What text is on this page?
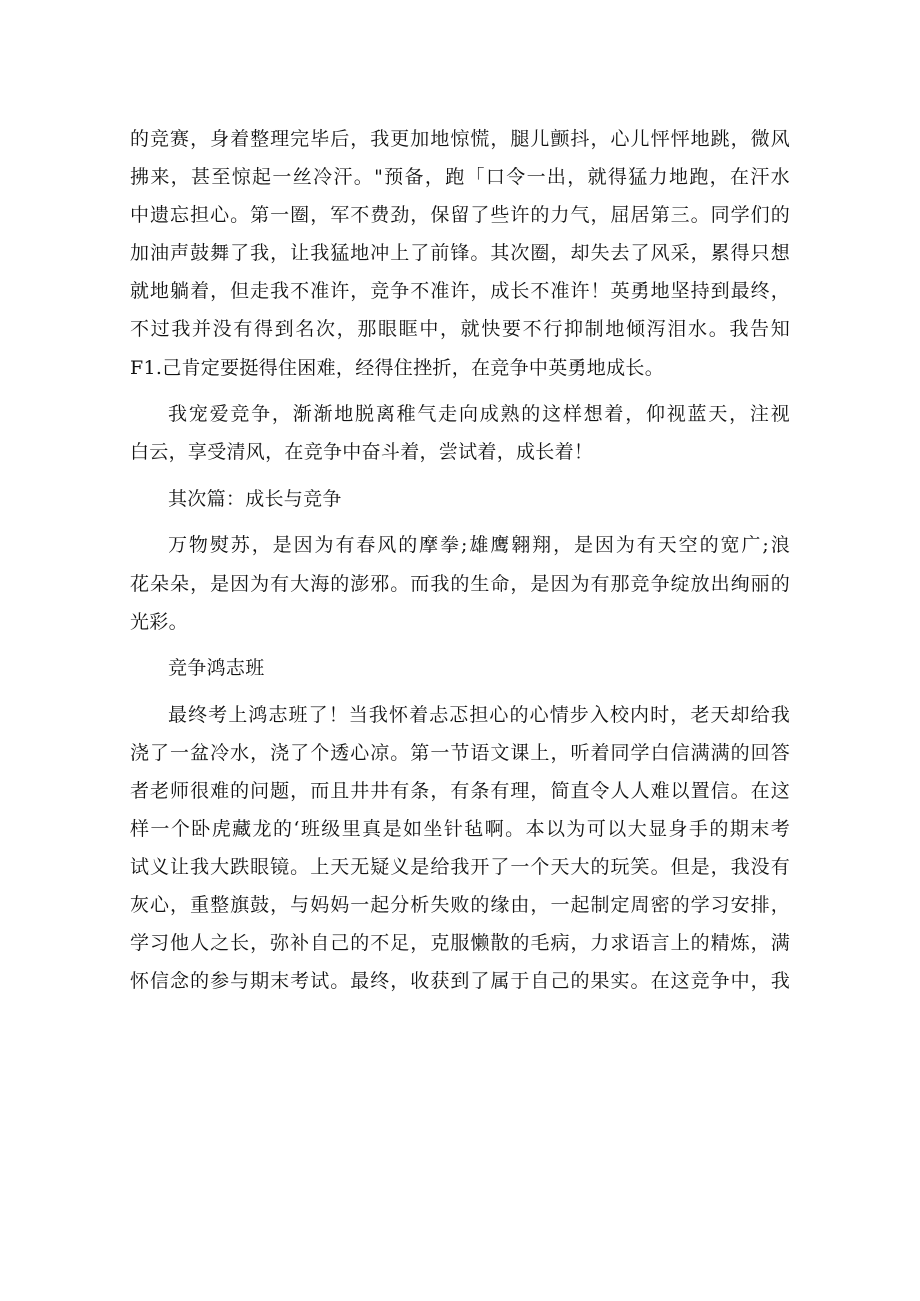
的竞赛，身着整理完毕后，我更加地惊慌，腿儿颤抖，心儿怦怦地跳，微风
拂来，甚至惊起一丝冷汗。"预备，跑「口令一出，就得猛力地跑，在汗水
中遗忘担心。第一圈，军不费劲，保留了些许的力气，屈居第三。同学们的
加油声鼓舞了我，让我猛地冲上了前锋。其次圈，却失去了风采，累得只想
就地躺着，但走我不准许，竞争不准许，成长不准许！英勇地坚持到最终，
不过我并没有得到名次，那眼眶中，就快要不行抑制地倾泻泪水。我告知
F1.己肯定要挺得住困难，经得住挫折，在竞争中英勇地成长。
我宠爱竞争，渐渐地脱离稚气走向成熟的这样想着，仰视蓝天，注视
白云，享受清风，在竞争中奋斗着，尝试着，成长着！
其次篇：成长与竞争
万物熨苏，是因为有春风的摩拳;雄鹰翱翔，是因为有天空的宽广;浪
花朵朵，是因为有大海的澎邪。而我的生命，是因为有那竞争绽放出绚丽的
光彩。
竞争鸿志班
最终考上鸿志班了！当我怀着忐忑担心的心情步入校内时，老天却给我
浇了一盆冷水，浇了个透心凉。第一节语文课上，听着同学白信满满的回答
者老师很难的问题，而且井井有条，有条有理，简直令人人难以置信。在这
样一个卧虎藏龙的‘班级里真是如坐针毡啊。本以为可以大显身手的期末考
试义让我大跌眼镜。上天无疑义是给我开了一个天大的玩笑。但是，我没有
灰心，重整旗鼓，与妈妈一起分析失败的缘由，一起制定周密的学习安排，
学习他人之长，弥补自己的不足，克服懒散的毛病，力求语言上的精炼，满
怀信念的参与期末考试。最终，收获到了属于自己的果实。在这竞争中，我
